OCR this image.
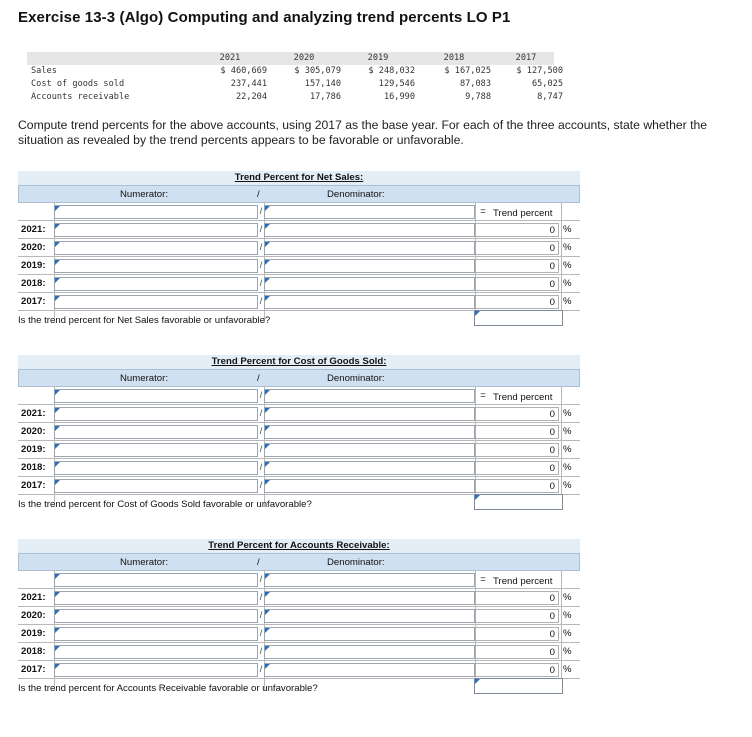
Exercise 13-3 (Algo) Computing and analyzing trend percents LO P1
2021	2020	2019	2018	2017
Sales	$ 460,669	$ 305,079	$ 248,032	$ 167,025	$ 127,500
Cost of goods sold	237,441	157,140	129,546	87,083	65,025
Accounts receivable	22,204	17,786	16,990	9,788	8,747
Compute trend percents for the above accounts, using 2017 as the base year. For each of the three accounts, state whether the situation as revealed by the trend percents appears to be favorable or unfavorable.
Trend Percent for Net Sales:
Numerator:	/	Denominator:
=
/	Trend percent
2021:	/	0 %
2020:	/	0 %
2019:	/	0 %
2018:	/	0 %
2017:	/	0 %
Is the trend percent for Net Sales favorable or unfavorable?
Trend Percent for Cost of Goods Sold:
Numerator:	/	Denominator:
=
/	Trend percent
2021:	/	0 %
2020:	/	0 %
2019:	/	0 %
2018:	/	0 %
2017:	/	0 %
Is the trend percent for Cost of Goods Sold favorable or unfavorable?
Trend Percent for Accounts Receivable:
Numerator:	/	Denominator:
=
/	Trend percent
2021:	/	0 %
2020:	/	0 %
2019:	/	0 %
2018:	/	0 %
2017:	/	0 %
Is the trend percent for Accounts Receivable favorable or unfavorable?
